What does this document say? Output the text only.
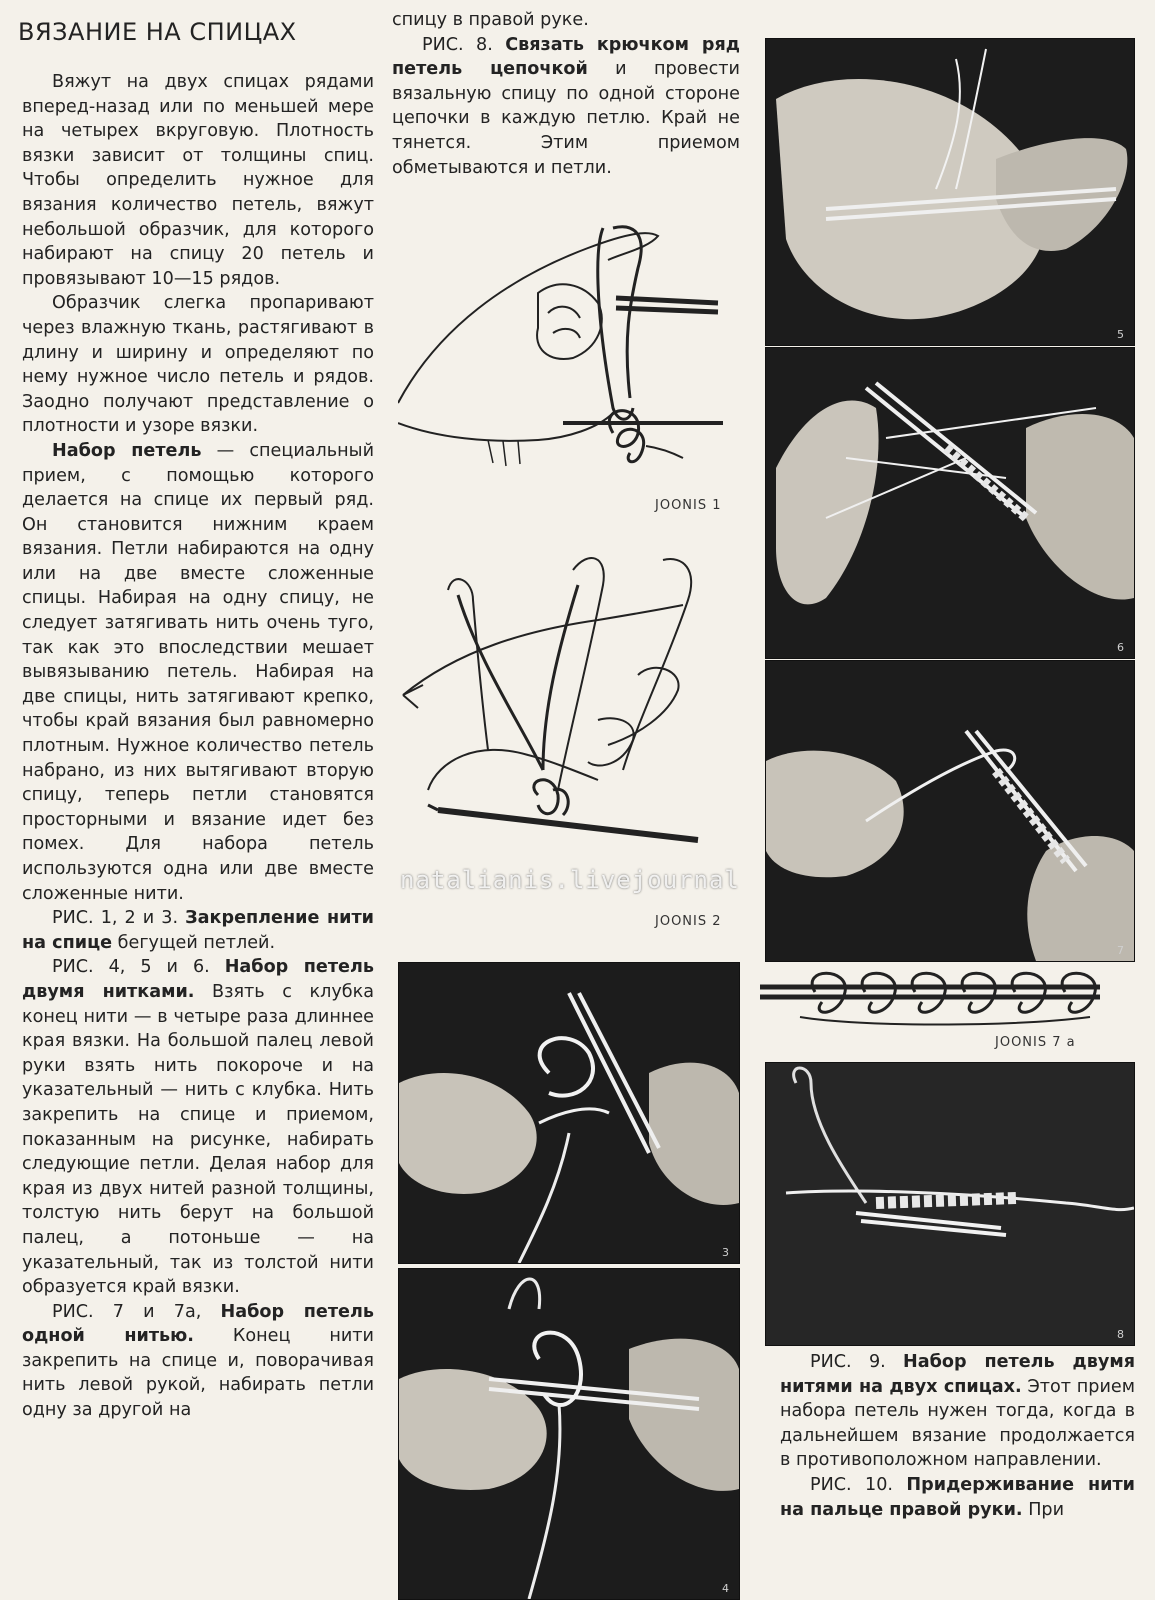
ВЯЗАНИЕ НА СПИЦАХ

Вяжут на двух спицах рядами вперед-назад или по меньшей мере на четырех вкруговую. Плотность вязки зависит от толщины спиц. Чтобы определить нужное для вязания количество петель, вяжут небольшой образчик, для которого набирают на спицу 20 петель и провязывают 10—15 рядов.

Образчик слегка пропаривают через влажную ткань, растягивают в длину и ширину и определяют по нему нужное число петель и рядов. Заодно получают представление о плотности и узоре вязки.

Набор петель — специальный прием, с помощью которого делается на спице их первый ряд. Он становится нижним краем вязания. Петли набираются на одну или на две вместе сложенные спицы. Набирая на одну спицу, не следует затягивать нить очень туго, так как это впоследствии мешает вывязыванию петель. Набирая на две спицы, нить затягивают крепко, чтобы край вязания был равномерно плотным. Нужное количество петель набрано, из них вытягивают вторую спицу, теперь петли становятся просторными и вязание идет без помех. Для набора петель используются одна или две вместе сложенные нити.

РИС. 1, 2 и 3. Закрепление нити на спице бегущей петлей.

РИС. 4, 5 и 6. Набор петель двумя нитками. Взять с клубка конец нити — в четыре раза длиннее края вязки. На большой палец левой руки взять нить покороче и на указательный — нить с клубка. Нить закрепить на спице и приемом, показанным на рисунке, набирать следующие петли. Делая набор для края из двух нитей разной толщины, толстую нить берут на большой палец, а потоньше — на указательный, так из толстой нити образуется край вязки.

РИС. 7 и 7а, Набор петель одной нитью. Конец нити закрепить на спице и, поворачивая нить левой рукой, набирать петли одну за другой на

спицу в правой руке.

РИС. 8. Связать крючком ряд петель цепочкой и провести вязальную спицу по одной стороне цепочки в каждую петлю. Край не тянется. Этим приемом обметываются и петли.

РИС. 9. Набор петель двумя нитями на двух спицах. Этот прием набора петель нужен тогда, когда в дальнейшем вязание продолжается в противоположном направлении.

РИС. 10. Придерживание нити на пальце правой руки. При

JOONIS 1
JOONIS 2
JOONIS 7 a
5
6
7
8
3
4
natalianis.livejournal
